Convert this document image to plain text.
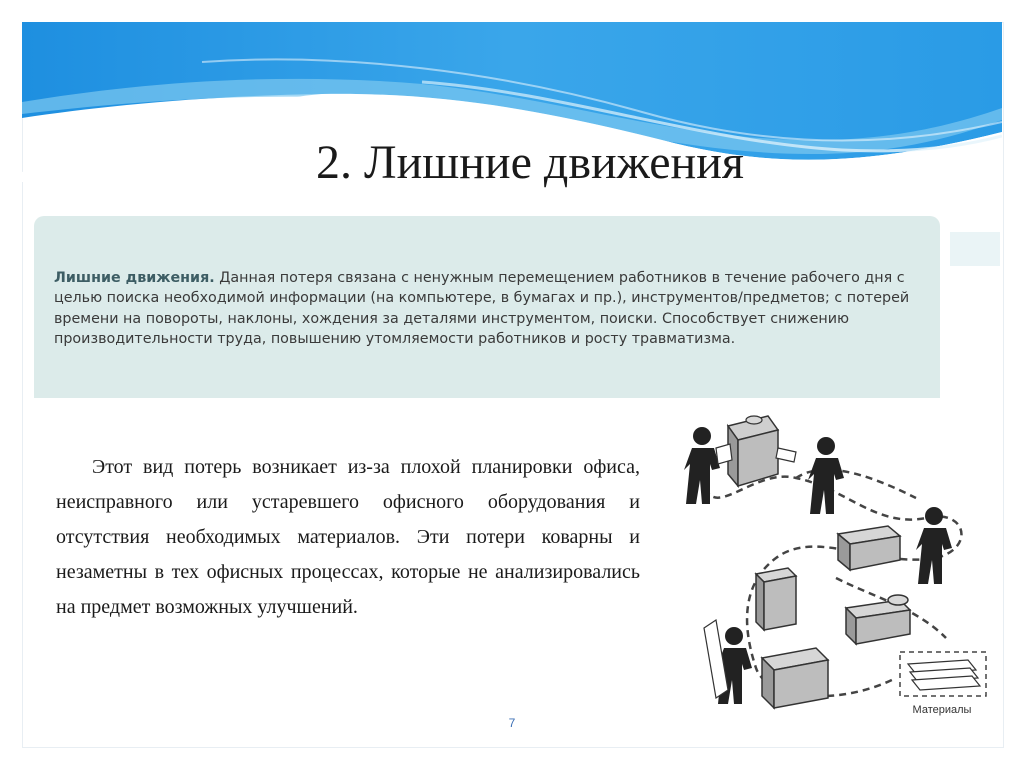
2. Лишние движения

Лишние движения. Данная потеря связана с ненужным перемещением работников в течение рабочего дня с целью поиска необходимой информации (на компьютере, в бумагах и пр.), инструментов/предметов; с потерей времени на повороты, наклоны, хождения за деталями инструментом, поиски. Способствует снижению производительности труда, повышению утомляемости работников и росту травматизма.

Этот вид потерь возникает из-за плохой планировки офиса, неисправного или устаревшего офисного оборудования и отсутствия необходимых материалов. Эти потери коварны и незаметны в тех офисных процессах, которые не анализировались на предмет возможных улучшений.

Материалы
7
